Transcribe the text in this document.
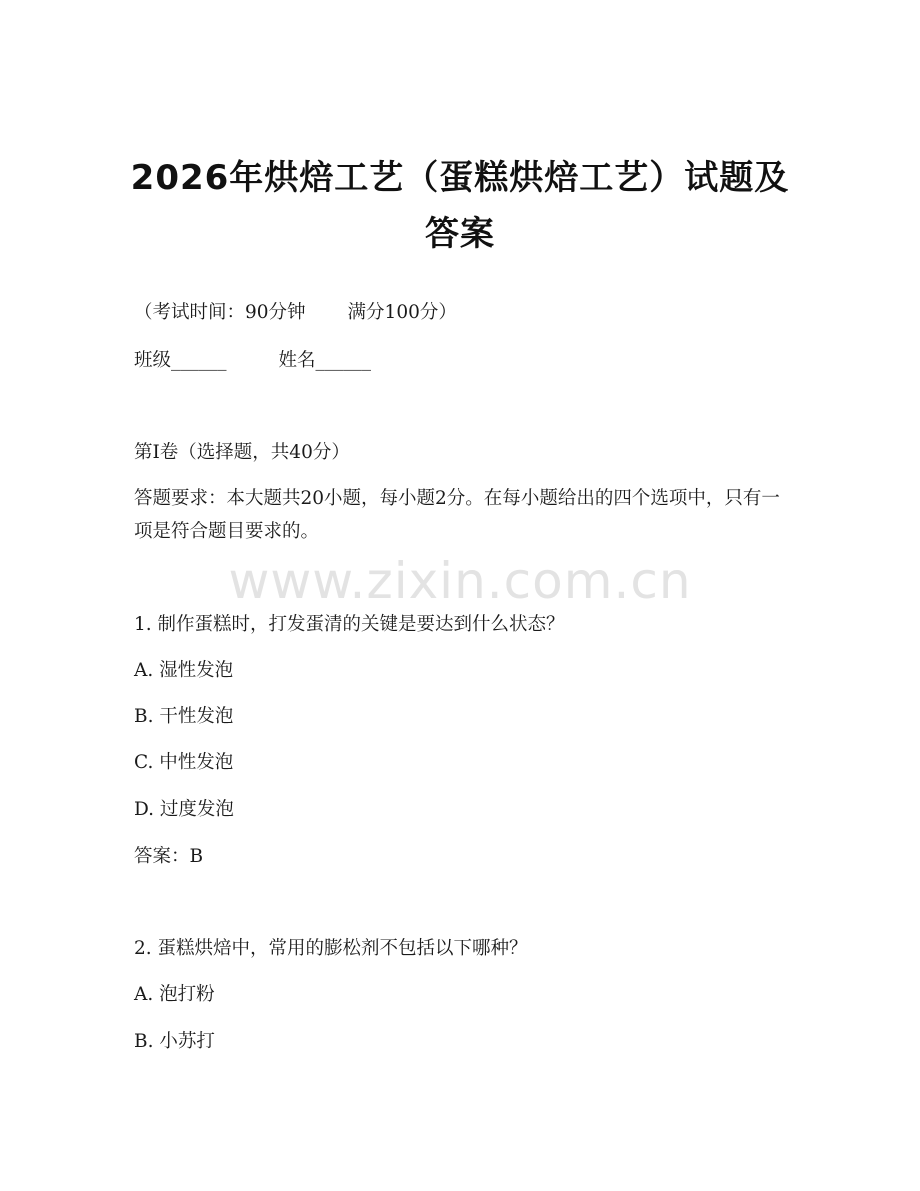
www.zixin.com.cn
2026年烘焙工艺（蛋糕烘焙工艺）试题及答案
（考试时间：90分钟 满分100分）
班级______	姓名______
第I卷（选择题，共40分）
答题要求：本大题共20小题，每小题2分。在每小题给出的四个选项中，只有一项是符合题目要求的。
1. 制作蛋糕时，打发蛋清的关键是要达到什么状态？
A. 湿性发泡
B. 干性发泡
C. 中性发泡
D. 过度发泡
答案：B
2. 蛋糕烘焙中，常用的膨松剂不包括以下哪种？
A. 泡打粉
B. 小苏打
